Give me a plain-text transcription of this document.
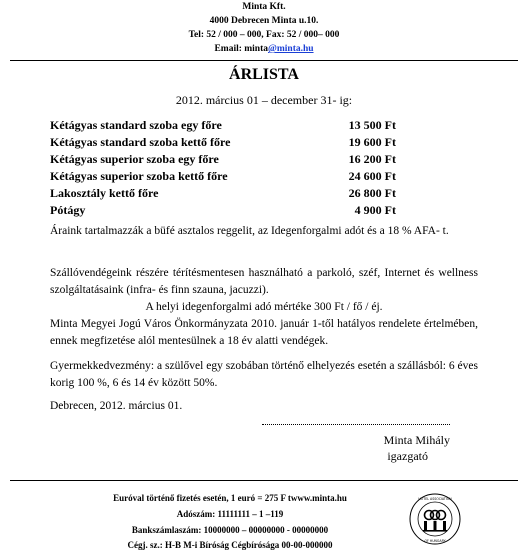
Minta Kft.
4000 Debrecen Minta u.10.
Tel: 52 / 000 – 000, Fax: 52 / 000– 000
Email: minta@minta.hu
ÁRLISTA
2012. március 01 – december 31- ig:
Kétágyas standard szoba egy főre	13 500 Ft
Kétágyas standard szoba kettő főre	19 600 Ft
Kétágyas superior szoba egy főre	16 200 Ft
Kétágyas superior szoba kettő főre	24 600 Ft
Lakosztály kettő főre	26 800 Ft
Pótágy	4 900 Ft
Áraink tartalmazzák a büfé asztalos reggelit, az Idegenforgalmi adót és a 18 % AFA- t.
Szállóvendégeink részére térítésmentesen használható a parkoló, széf, Internet és wellness szolgáltatásaink (infra- és finn szauna, jacuzzi).
A helyi idegenforgalmi adó mértéke 300 Ft / fő / éj.
Minta Megyei Jogú Város Önkormányzata 2010. január 1-től hatályos rendelete értelmében, ennek megfizetése alól mentesülnek a 18 év alatti vendégek.
Gyermekkedvezmény: a szülővel egy szobában történő elhelyezés esetén a szállásból: 6 éves korig 100 %, 6 és 14 év között 50%.
Debrecen, 2012. március 01.
Minta Mihály
igazgató
Euróval történő fizetés esetén, 1 euró = 275 F twww.minta.hu
Adószám: 11111111 – 1 –119
Bankszámlaszám: 10000000 – 00000000 - 00000000
Cégj. sz.: H-B M-i Bíróság Cégbírósága 00-00-000000
HOTEL ASSOCIATION
OF HUNGARY
